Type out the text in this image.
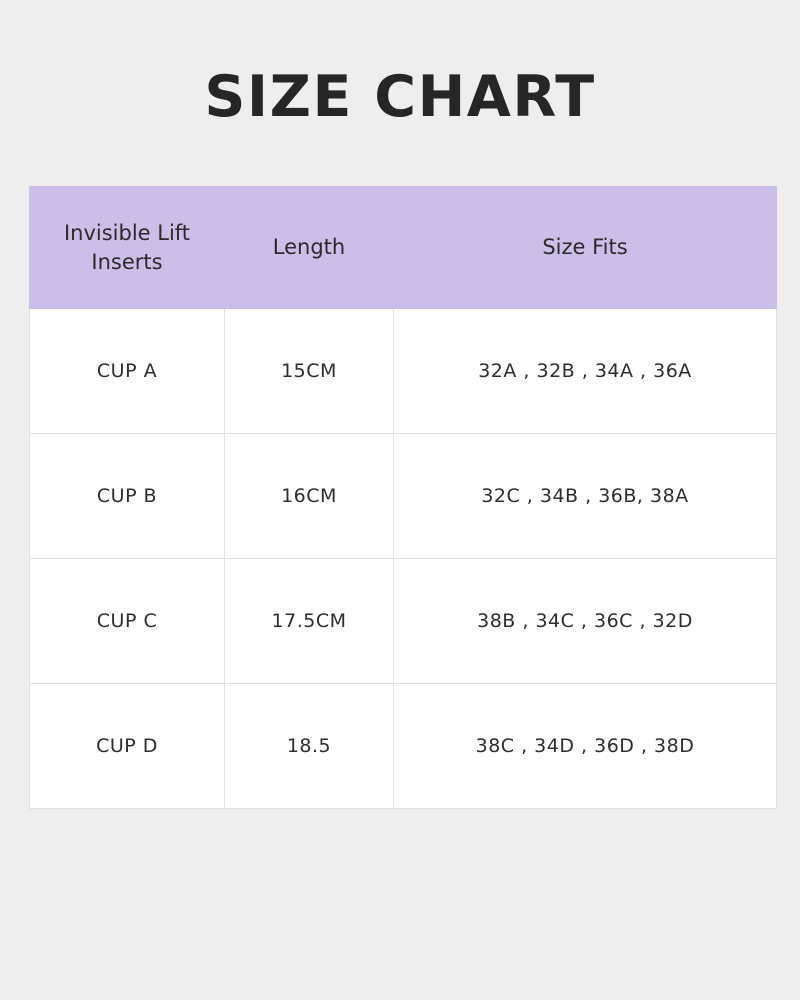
SIZE CHART
Invisible Lift Inserts	Length	Size Fits

CUP A	15CM	32A , 32B , 34A , 36A
CUP B	16CM	32C , 34B , 36B, 38A
CUP C	17.5CM	38B , 34C , 36C , 32D
CUP D	18.5	38C , 34D , 36D , 38D
